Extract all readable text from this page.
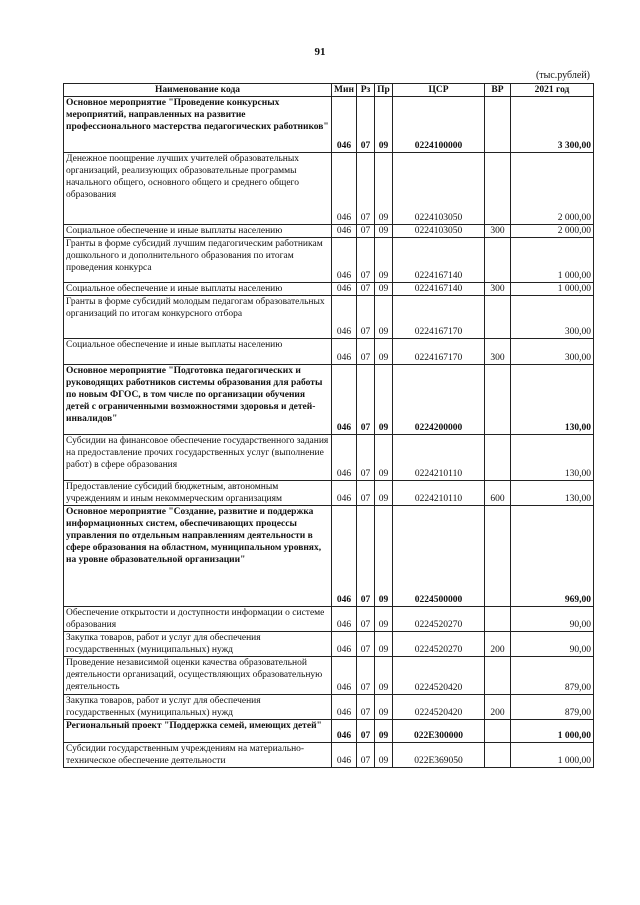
91
(тыс.рублей)
Наименование кода	Мин	Рз	Пр	ЦСР	ВР	2021 год
Основное мероприятие "Проведение конкурсных мероприятий, направленных на развитие профессионального мастерства педагогических работников"	046	07	09	0224100000		3 300,00
Денежное поощрение лучших учителей образовательных организаций, реализующих образовательные программы начального общего, основного общего и среднего общего образования	046	07	09	0224103050		2 000,00
Социальное обеспечение и иные выплаты населению	046	07	09	0224103050	300	2 000,00
Гранты в форме субсидий лучшим педагогическим работникам дошкольного и дополнительного образования по итогам проведения конкурса	046	07	09	0224167140		1 000,00
Социальное обеспечение и иные выплаты населению	046	07	09	0224167140	300	1 000,00
Гранты в форме субсидий молодым педагогам образовательных организаций по итогам конкурсного отбора	046	07	09	0224167170		300,00
Социальное обеспечение и иные выплаты населению	046	07	09	0224167170	300	300,00
Основное мероприятие "Подготовка педагогических и руководящих работников системы образования для работы по новым ФГОС, в том числе по организации обучения детей с ограниченными возможностями здоровья и детей-инвалидов"	046	07	09	0224200000		130,00
Субсидии на финансовое обеспечение государственного задания на предоставление прочих государственных услуг (выполнение работ) в сфере образования	046	07	09	0224210110		130,00
Предоставление субсидий бюджетным, автономным учреждениям и иным некоммерческим организациям	046	07	09	0224210110	600	130,00
Основное мероприятие "Создание, развитие и поддержка информационных систем, обеспечивающих процессы управления по отдельным направлениям деятельности в сфере образования на областном, муниципальном уровнях, на уровне образовательной организации"	046	07	09	0224500000		969,00
Обеспечение открытости и доступности информации о системе образования	046	07	09	0224520270		90,00
Закупка товаров, работ и услуг для обеспечения государственных (муниципальных) нужд	046	07	09	0224520270	200	90,00
Проведение независимой оценки качества образовательной деятельности организаций, осуществляющих образовательную деятельность	046	07	09	0224520420		879,00
Закупка товаров, работ и услуг для обеспечения государственных (муниципальных) нужд	046	07	09	0224520420	200	879,00
Региональный проект "Поддержка семей, имеющих детей"	046	07	09	022E300000		1 000,00
Субсидии государственным учреждениям на материально-техническое обеспечение деятельности	046	07	09	022E369050		1 000,00
